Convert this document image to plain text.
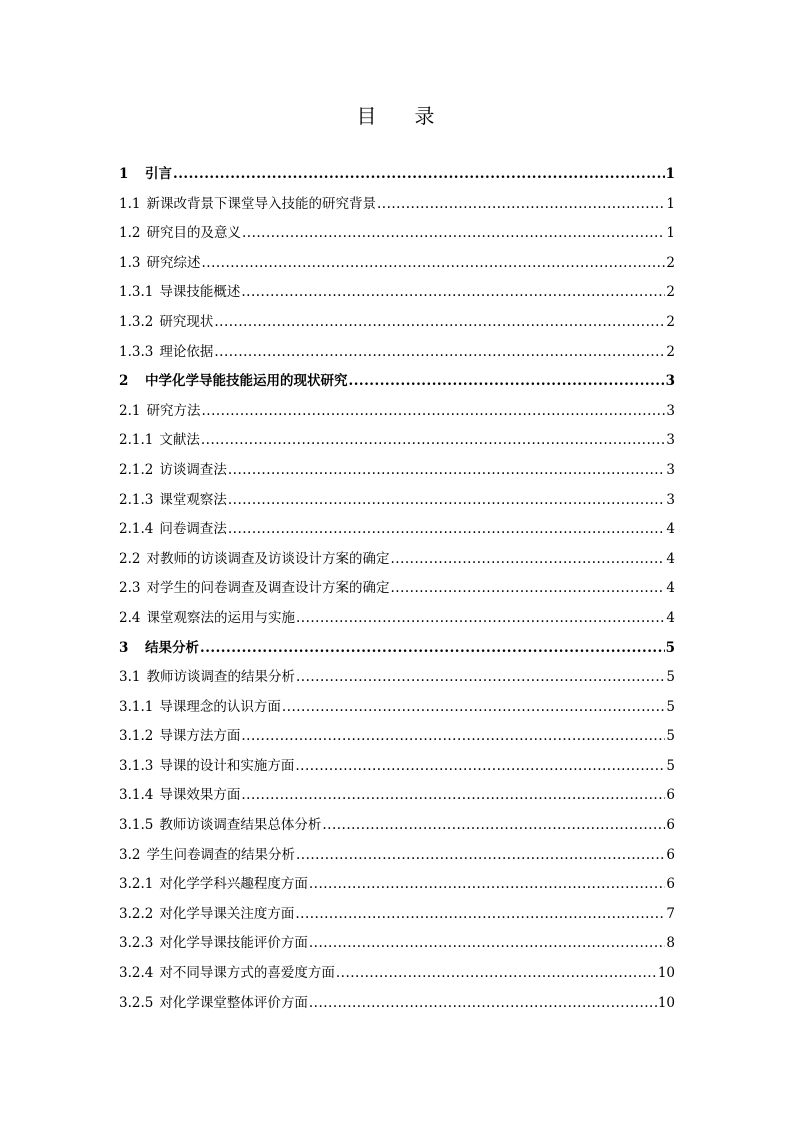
目 录
1	引言 .....	1
1.1 新课改背景下课堂导入技能的研究背景 .....	1
1.2 研究目的及意义 .....	1
1.3 研究综述 .....	2
1.3.1 导课技能概述 .....	2
1.3.2 研究现状 .....	2
1.3.3 理论依据 .....	2
2	中学化学导能技能运用的现状研究 .....	3
2.1 研究方法 .....	3
2.1.1 文献法 .....	3
2.1.2 访谈调查法 .....	3
2.1.3 课堂观察法 .....	3
2.1.4 问卷调查法 .....	4
2.2 对教师的访谈调查及访谈设计方案的确定 .....	4
2.3 对学生的问卷调查及调查设计方案的确定 .....	4
2.4 课堂观察法的运用与实施 .....	4
3	结果分析 .....	5
3.1 教师访谈调查的结果分析 .....	5
3.1.1 导课理念的认识方面 .....	5
3.1.2 导课方法方面 .....	5
3.1.3 导课的设计和实施方面 .....	5
3.1.4 导课效果方面 .....	6
3.1.5 教师访谈调查结果总体分析 .....	6
3.2 学生问卷调查的结果分析 .....	6
3.2.1 对化学学科兴趣程度方面 .....	6
3.2.2 对化学导课关注度方面 .....	7
3.2.3 对化学导课技能评价方面 .....	8
3.2.4 对不同导课方式的喜爱度方面 .....	10
3.2.5 对化学课堂整体评价方面 .....	10
